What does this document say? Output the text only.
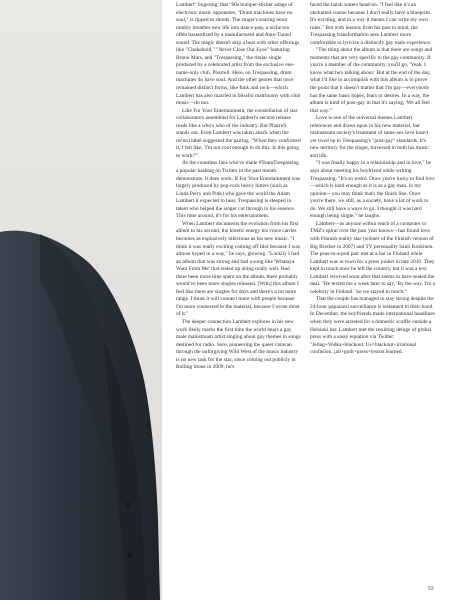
Lambert" lingering, that "90s bumper-sticker adage of electronic music opponents, "Drum machines have no soul," is ripped to shreds. The singer's soaring tenor nimbly breathes new life into dance-pop, a niche too often bastardized by a manufactured and Auto-Tuned sound. The magic doesn't skip a beat with other offerings like "Chokehold," "Never Close Our Eyes" featuring Bruno Mars, and "Trespassing," the titular single produced by a celebrated artist from the exclusive one-name-only club, Pharrell. Here, on Trespassing, drum machines do have soul. And the other genres that once remained distinct forms, like funk and rock—which Lambert has also married in blissful matrimony with club music—do too.

Like For Your Entertainment, the constellation of star collaborators assembled for Lambert's second release reads like a who's who of the industry. But Pharrell stands out. Even Lambert was taken aback when the record label suggested the pairing. "When they confirmed it, I felt like, 'I'm not cool enough to do this. Is this going to work?'"

As the countless fans who've made #TeamTrespassing a popular hashtag on Twitter in the past month demonstrate, it does work. If For Your Entertainment was largely produced by pop-rock heavy hitters (such as Linda Perry and Pink) who gave the world the Adam Lambert it expected to hear, Trespassing is steeped in talent who helped the singer cut through to his essence. This time around, it's for his entertainment.

When Lambert documents the evolution from his first album to his second, the kinetic energy his voice carries becomes as explosively infectious as his new music. "I think it was really exciting coming off Idol because I was almost hyped in a way," he says, glowing. "Luckily I had an album that was strong and had a song like 'Whataya Want From Me' that ended up doing really well. Had there been more time spent on the album, there probably would've been more singles released. [With] this album I feel like there are singles for days and there's a lot more range. I think it will connect more with people because I'm more connected to the material, because I wrote most of it."

The deeper connection Lambert explores in his new work likely marks the first time the world hears a gay male mainstream artist singing about gay themes in songs destined for radio. Sure, pioneering the queer caravan through the unforgiving Wild West of the music industry is no new task for the star; since coming out publicly in Rolling Stone in 2009, he's

faced the harsh waters head-on. "I feel like it's an uncharted course because I don't really have a blueprint. It's exciting, and in a way it means I can write my own rules." But with lessons from his past in mind, the Trespassing transformation sees Lambert more comfortable to lyricize a distinctly gay male experience.

"The thing about the album is that there are songs and moments that are very specific to the gay community. If you're a member of the community, you'll go, 'Yeah, I know what he's talking about.' But at the end of the day, what I'd like to accomplish with this album is to prove the point that it doesn't matter that I'm gay—everybody has the same basic hopes, fears or desires. In a way, the album is kind of post-gay in that it's saying, 'We all feel that way.'"

Love is one of the universal themes Lambert references and draws upon in his new material, but mainstream society's treatment of same-sex love hasn't yet lived up to Trespassing's "post-gay" standards. It's new territory for the singer, traversed in both his music and life.

"I was finally happy in a relationship and in love," he says about meeting his boyfriend while writing Trespassing. "It's so weird. Once you're lucky to find love—which is hard enough as it is as a gay man, in my opinion—you may think that's the finish line. Once you're there, we still, as a society, have a lot of work to do. We still have a ways to go. I thought it was hard enough being single," he laughs.

Lambert—as anyone within reach of a computer or TMZ's spiral over the past year knows—has found love with Finnish reality star (winner of the Finnish version of Big Brother in 2007) and TV personality Sauli Koskinen. The peas-in-a-pod pair met at a bar in Finland while Lambert was in town for a press junket in late 2010. They kept in touch once he left the country, but it was a text Lambert received soon after that seems to have sealed the deal. "He texted me a week later to say, 'By the way, I'm a celebrity in Finland.' So we stayed in touch."

That the couple has managed to stay strong despite the 24-hour paparazzi surveillance is testament to their bond. In December, the boyfriends made international headlines when they were arrested for a domestic scuffle outside a Helsinki bar. Lambert met the resulting deluge of global press with a sassy equation via Twitter: "Jetlag+Vodka+blackout. Us=blackout+irrational confusion. jail+guilt+press=lesson learned.

53
